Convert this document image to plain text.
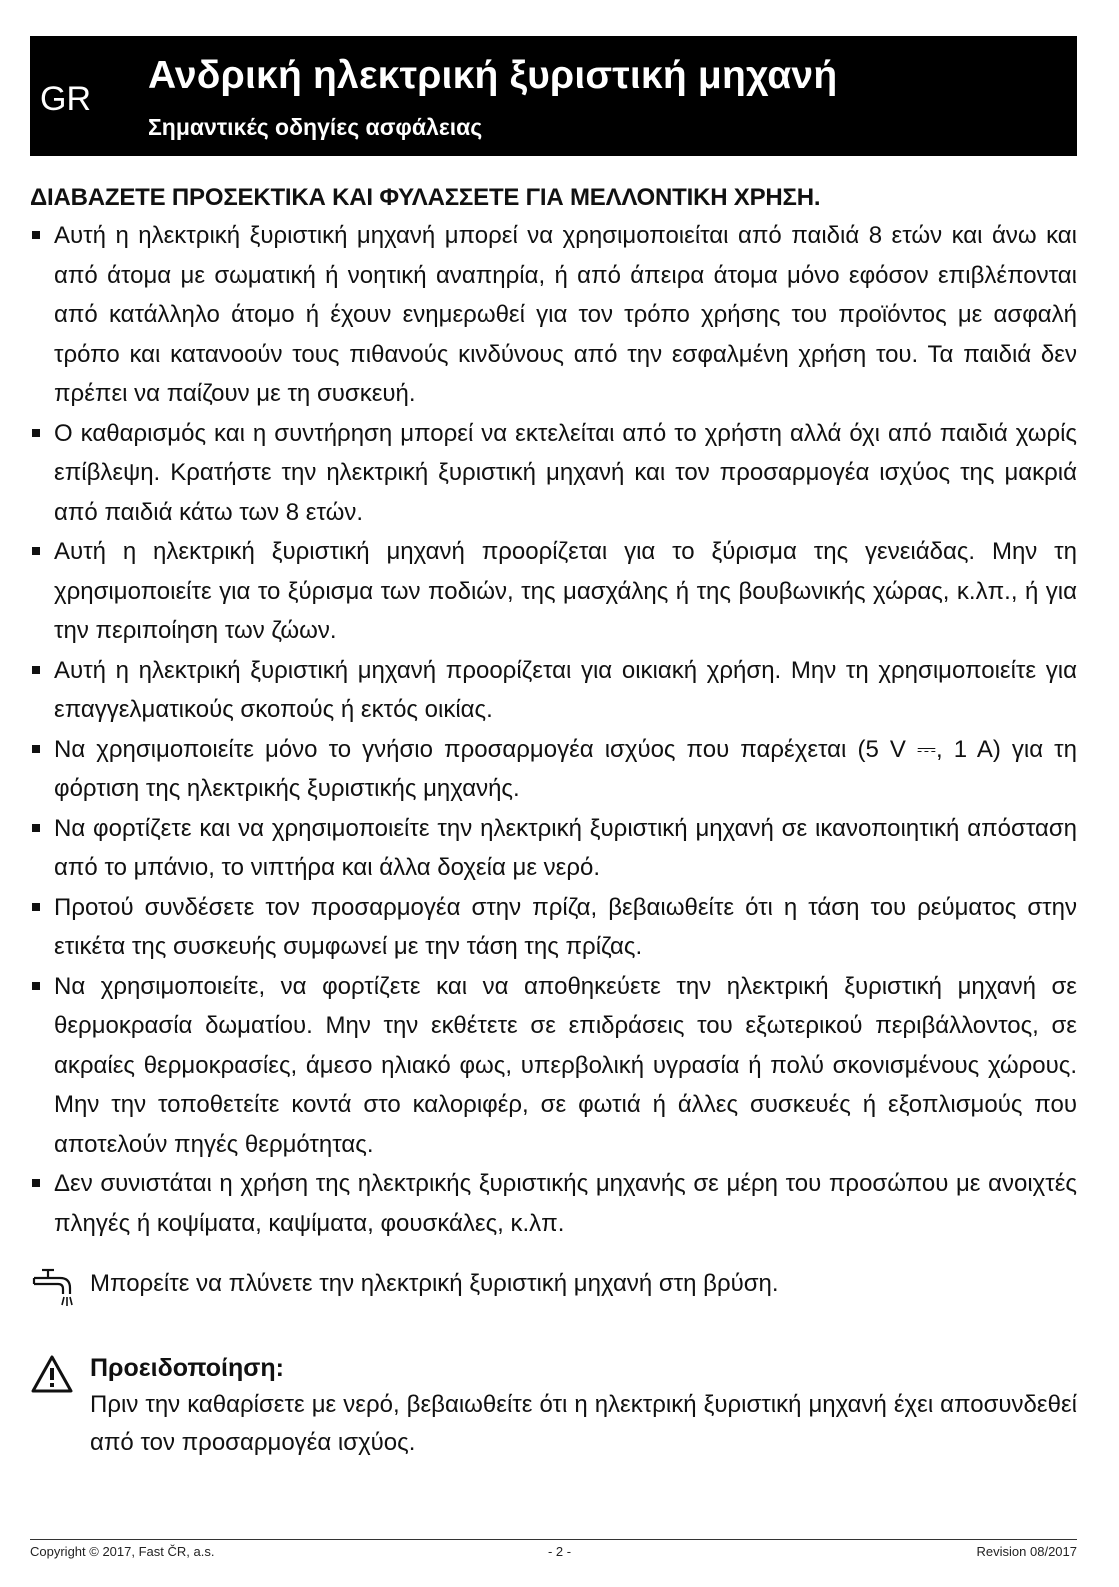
GR
Ανδρική ηλεκτρική ξυριστική μηχανή
Σημαντικές οδηγίες ασφάλειας
ΔΙΑΒΑΖΕΤΕ ΠΡΟΣΕΚΤΙΚΑ ΚΑΙ ΦΥΛΑΣΣΕΤΕ ΓΙΑ ΜΕΛΛΟΝΤΙΚΗ ΧΡΗΣΗ.
Αυτή η ηλεκτρική ξυριστική μηχανή μπορεί να χρησιμοποιείται από παιδιά 8 ετών και άνω και από άτομα με σωματική ή νοητική αναπηρία, ή από άπειρα άτομα μόνο εφόσον επιβλέπονται από κατάλληλο άτομο ή έχουν ενημερωθεί για τον τρόπο χρήσης του προϊόντος με ασφαλή τρόπο και κατανοούν τους πιθανούς κινδύνους από την εσφαλμένη χρήση του. Τα παιδιά δεν πρέπει να παίζουν με τη συσκευή.
Ο καθαρισμός και η συντήρηση μπορεί να εκτελείται από το χρήστη αλλά όχι από παιδιά χωρίς επίβλεψη. Κρατήστε την ηλεκτρική ξυριστική μηχανή και τον προσαρμογέα ισχύος της μακριά από παιδιά κάτω των 8 ετών.
Αυτή η ηλεκτρική ξυριστική μηχανή προορίζεται για το ξύρισμα της γενειάδας. Μην τη χρησιμοποιείτε για το ξύρισμα των ποδιών, της μασχάλης ή της βουβωνικής χώρας, κ.λπ., ή για την περιποίηση των ζώων.
Αυτή η ηλεκτρική ξυριστική μηχανή προορίζεται για οικιακή χρήση. Μην τη χρησιμοποιείτε για επαγγελματικούς σκοπούς ή εκτός οικίας.
Να χρησιμοποιείτε μόνο το γνήσιο προσαρμογέα ισχύος που παρέχεται (5 V ⎓, 1 A) για τη φόρτιση της ηλεκτρικής ξυριστικής μηχανής.
Να φορτίζετε και να χρησιμοποιείτε την ηλεκτρική ξυριστική μηχανή σε ικανοποιητική απόσταση από το μπάνιο, το νιπτήρα και άλλα δοχεία με νερό.
Προτού συνδέσετε τον προσαρμογέα στην πρίζα, βεβαιωθείτε ότι η τάση του ρεύματος στην ετικέτα της συσκευής συμφωνεί με την τάση της πρίζας.
Να χρησιμοποιείτε, να φορτίζετε και να αποθηκεύετε την ηλεκτρική ξυριστική μηχανή σε θερμοκρασία δωματίου. Μην την εκθέτετε σε επιδράσεις του εξωτερικού περιβάλλοντος, σε ακραίες θερμοκρασίες, άμεσο ηλιακό φως, υπερβολική υγρασία ή πολύ σκονισμένους χώρους. Μην την τοποθετείτε κοντά στο καλοριφέρ, σε φωτιά ή άλλες συσκευές ή εξοπλισμούς που αποτελούν πηγές θερμότητας.
Δεν συνιστάται η χρήση της ηλεκτρικής ξυριστικής μηχανής σε μέρη του προσώπου με ανοιχτές πληγές ή κοψίματα, καψίματα, φουσκάλες, κ.λπ.
Μπορείτε να πλύνετε την ηλεκτρική ξυριστική μηχανή στη βρύση.
Προειδοποίηση:
Πριν την καθαρίσετε με νερό, βεβαιωθείτε ότι η ηλεκτρική ξυριστική μηχανή έχει αποσυνδεθεί από τον προσαρμογέα ισχύος.
Copyright © 2017, Fast ČR, a.s.	- 2 -	Revision 08/2017
